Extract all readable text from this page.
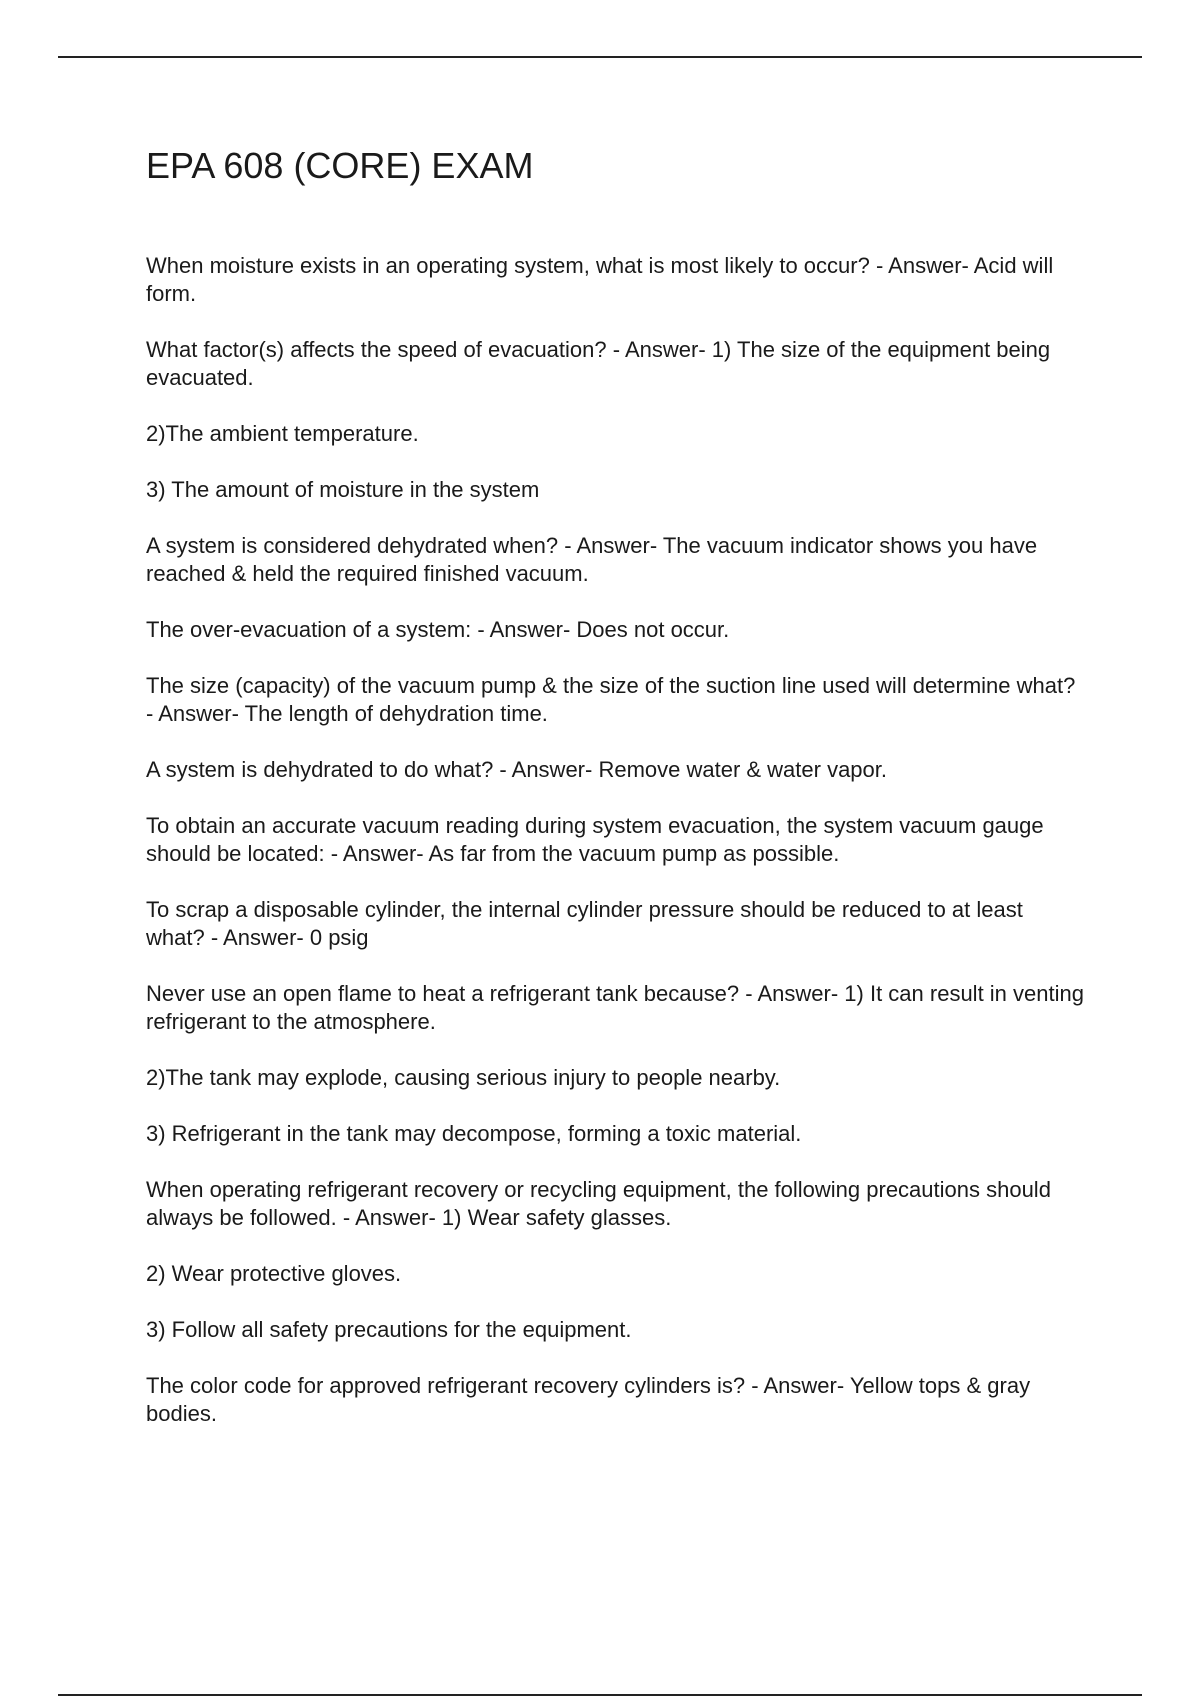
EPA 608 (CORE) EXAM

When moisture exists in an operating system, what is most likely to occur? - Answer- Acid will form.

What factor(s) affects the speed of evacuation? - Answer- 1) The size of the equipment being evacuated.

2)The ambient temperature.

3) The amount of moisture in the system

A system is considered dehydrated when? - Answer- The vacuum indicator shows you have reached & held the required finished vacuum.

The over-evacuation of a system: - Answer- Does not occur.

The size (capacity) of the vacuum pump & the size of the suction line used will determine what? - Answer- The length of dehydration time.

A system is dehydrated to do what? - Answer- Remove water & water vapor.

To obtain an accurate vacuum reading during system evacuation, the system vacuum gauge should be located: - Answer- As far from the vacuum pump as possible.

To scrap a disposable cylinder, the internal cylinder pressure should be reduced to at least what? - Answer- 0 psig

Never use an open flame to heat a refrigerant tank because? - Answer- 1) It can result in venting refrigerant to the atmosphere.

2)The tank may explode, causing serious injury to people nearby.

3) Refrigerant in the tank may decompose, forming a toxic material.

When operating refrigerant recovery or recycling equipment, the following precautions should always be followed. - Answer- 1) Wear safety glasses.

2) Wear protective gloves.

3) Follow all safety precautions for the equipment.

The color code for approved refrigerant recovery cylinders is? - Answer- Yellow tops & gray bodies.
